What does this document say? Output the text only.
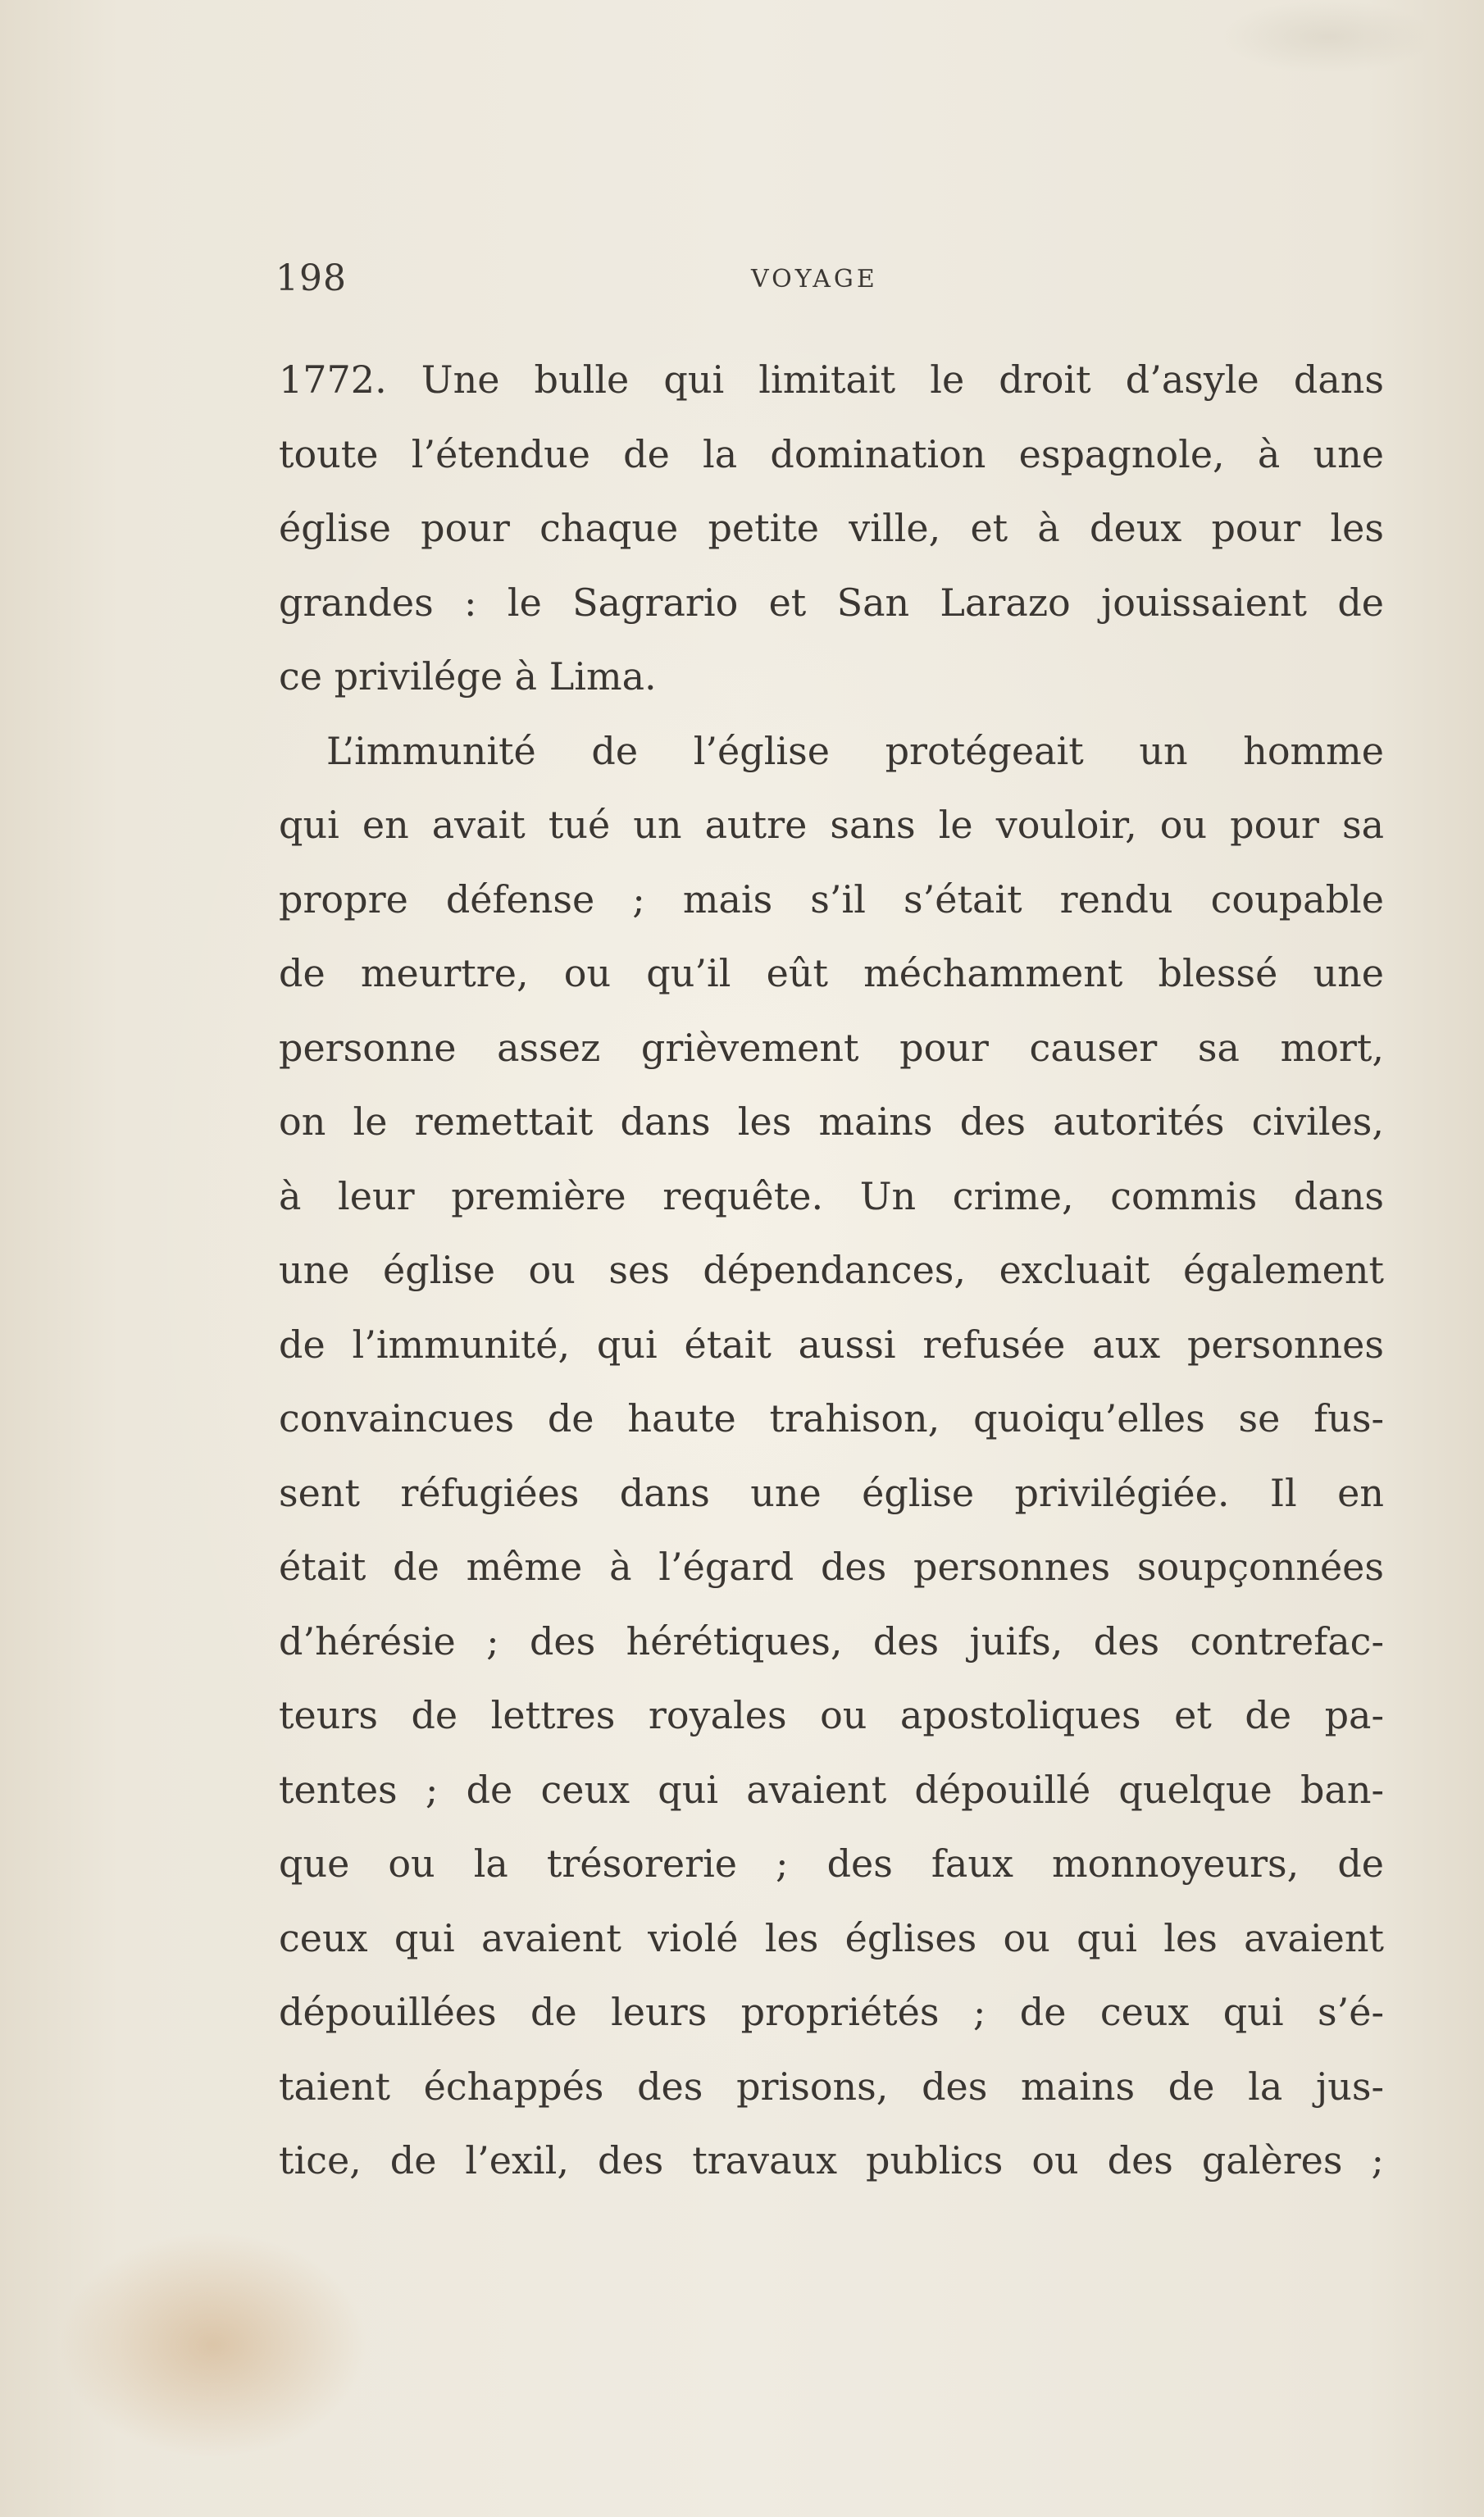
198	VOYAGE
1772. Une bulle qui limitait le droit d’asyle dans
toute l’étendue de la domination espagnole, à une
église pour chaque petite ville, et à deux pour les
grandes : le Sagrario et San Larazo jouissaient de
ce privilége à Lima.
L’immunité de l’église protégeait un homme
qui en avait tué un autre sans le vouloir, ou pour sa
propre défense ; mais s’il s’était rendu coupable
de meurtre, ou qu’il eût méchamment blessé une
personne assez grièvement pour causer sa mort,
on le remettait dans les mains des autorités civiles,
à leur première requête. Un crime, commis dans
une église ou ses dépendances, excluait également
de l’immunité, qui était aussi refusée aux personnes
convaincues de haute trahison, quoiqu’elles se fus-
sent réfugiées dans une église privilégiée. Il en
était de même à l’égard des personnes soupçonnées
d’hérésie ; des hérétiques, des juifs, des contrefac-
teurs de lettres royales ou apostoliques et de pa-
tentes ; de ceux qui avaient dépouillé quelque ban-
que ou la trésorerie ; des faux monnoyeurs, de
ceux qui avaient violé les églises ou qui les avaient
dépouillées de leurs propriétés ; de ceux qui s’é-
taient échappés des prisons, des mains de la jus-
tice, de l’exil, des travaux publics ou des galères ;
